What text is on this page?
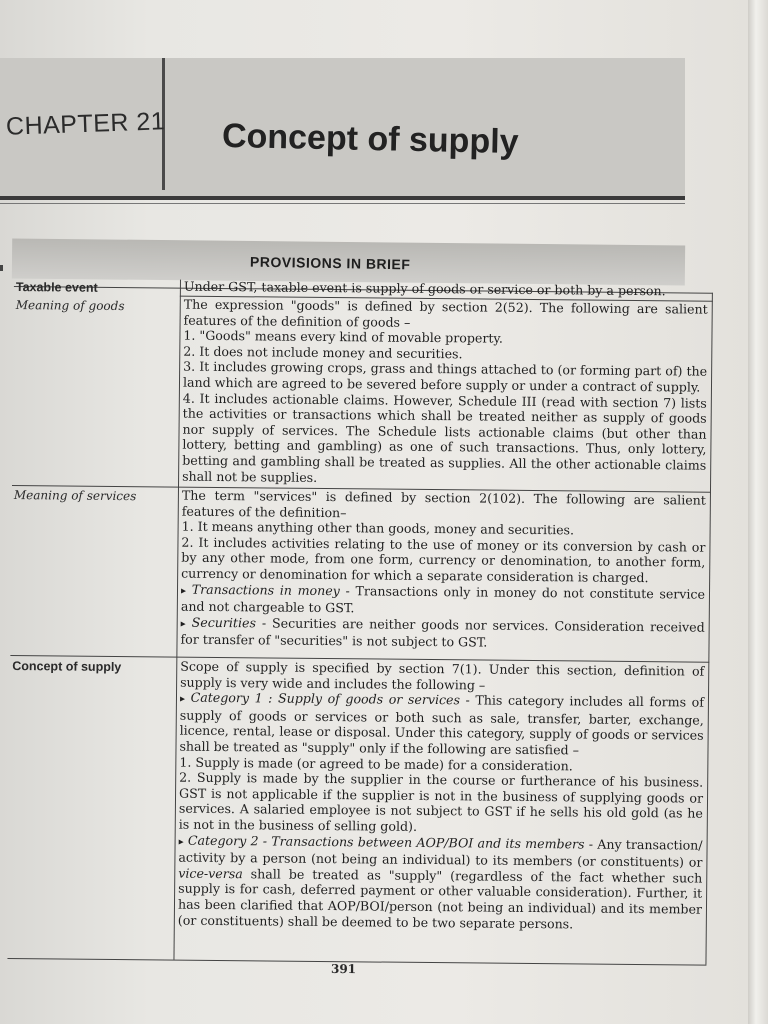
CHAPTER 21 Concept of supply
PROVISIONS IN BRIEF
Taxable event
Meaning of goods

Under GST, taxable event is supply of goods or service or both by a person.

The expression "goods" is defined by section 2(52). The following are salient features of the definition of goods –

1. "Goods" means every kind of movable property.

2. It does not include money and securities.

3. It includes growing crops, grass and things attached to (or forming part of) the land which are agreed to be severed before supply or under a contract of supply.

4. It includes actionable claims. However, Schedule III (read with section 7) lists the activities or transactions which shall be treated neither as supply of goods nor supply of services. The Schedule lists actionable claims (but other than lottery, betting and gambling) as one of such transactions. Thus, only lottery, betting and gambling shall be treated as supplies. All the other actionable claims shall not be supplies.

Meaning of services	The term "services" is defined by section 2(102). The following are salient features of the definition–

1. It means anything other than goods, money and securities.

2. It includes activities relating to the use of money or its conversion by cash or by any other mode, from one form, currency or denomination, to another form, currency or denomination for which a separate consideration is charged.

▸ Transactions in money - Transactions only in money do not constitute service and not chargeable to GST.

▸ Securities - Securities are neither goods nor services. Consideration received for transfer of "securities" is not subject to GST.

Concept of supply	Scope of supply is specified by section 7(1). Under this section, definition of supply is very wide and includes the following –

▸ Category 1 : Supply of goods or services - This category includes all forms of supply of goods or services or both such as sale, transfer, barter, exchange, licence, rental, lease or disposal. Under this category, supply of goods or services shall be treated as "supply" only if the following are satisfied –

1. Supply is made (or agreed to be made) for a consideration.

2. Supply is made by the supplier in the course or furtherance of his business. GST is not applicable if the supplier is not in the business of supplying goods or services. A salaried employee is not subject to GST if he sells his old gold (as he is not in the business of selling gold).

▸ Category 2 - Transactions between AOP/BOI and its members - Any transaction/ activity by a person (not being an individual) to its members (or constituents) or vice-versa shall be treated as "supply" (regardless of the fact whether such supply is for cash, deferred payment or other valuable consideration). Further, it has been clarified that AOP/BOI/person (not being an individual) and its member (or constituents) shall be deemed to be two separate persons.

391
